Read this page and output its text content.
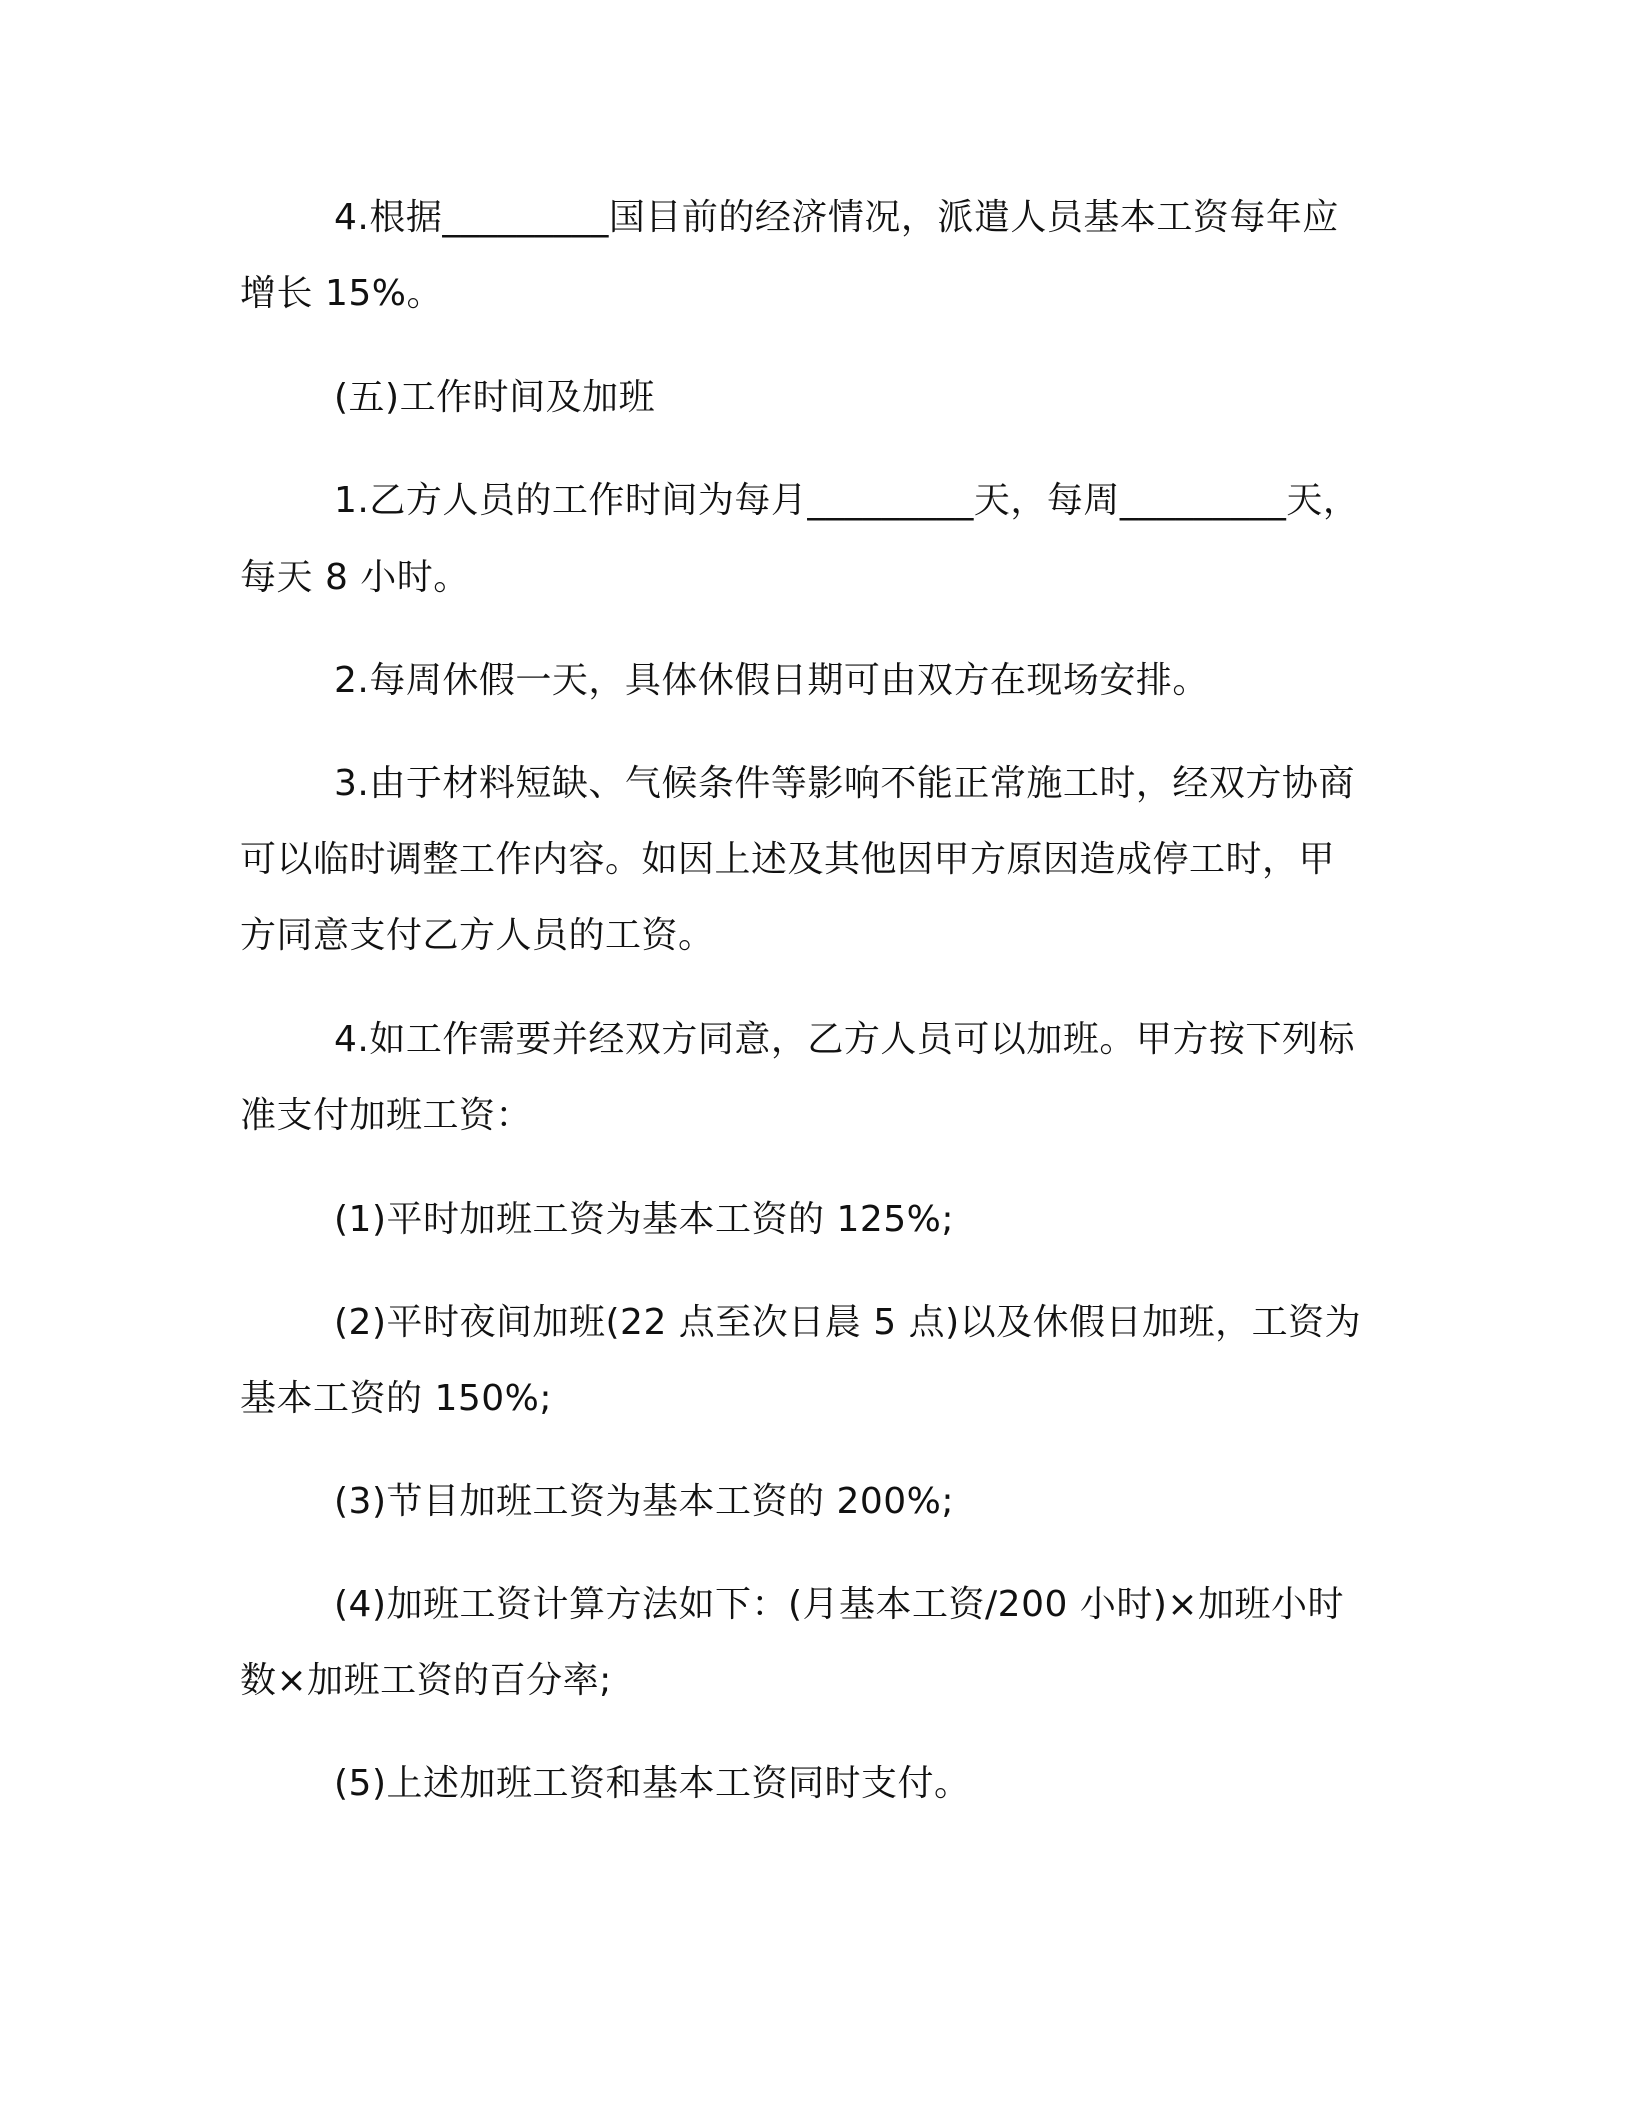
4.根据_________国目前的经济情况，派遣人员基本工资每年应
增长 15%。
(五)工作时间及加班
1.乙方人员的工作时间为每月_________天，每周_________天，
每天 8 小时。
2.每周休假一天，具体休假日期可由双方在现场安排。
3.由于材料短缺、气候条件等影响不能正常施工时，经双方协商
可以临时调整工作内容。如因上述及其他因甲方原因造成停工时，甲
方同意支付乙方人员的工资。
4.如工作需要并经双方同意，乙方人员可以加班。甲方按下列标
准支付加班工资：
(1)平时加班工资为基本工资的 125%;
(2)平时夜间加班(22 点至次日晨 5 点)以及休假日加班，工资为
基本工资的 150%;
(3)节目加班工资为基本工资的 200%;
(4)加班工资计算方法如下：(月基本工资/200 小时)×加班小时
数×加班工资的百分率;
(5)上述加班工资和基本工资同时支付。
